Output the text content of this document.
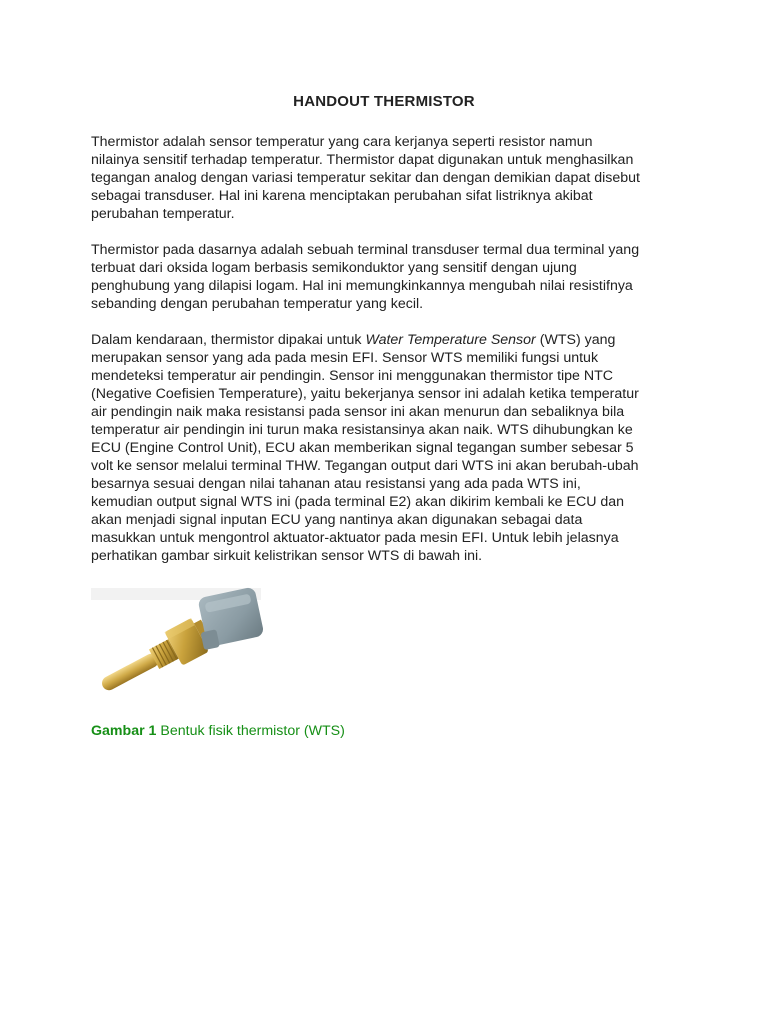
HANDOUT THERMISTOR

Thermistor adalah sensor temperatur yang cara kerjanya seperti resistor namun
nilainya sensitif terhadap temperatur. Thermistor dapat digunakan untuk menghasilkan
tegangan analog dengan variasi temperatur sekitar dan dengan demikian dapat disebut
sebagai transduser. Hal ini karena menciptakan perubahan sifat listriknya akibat
perubahan temperatur.

Thermistor pada dasarnya adalah sebuah terminal transduser termal dua terminal yang
terbuat dari oksida logam berbasis semikonduktor yang sensitif dengan ujung
penghubung yang dilapisi logam. Hal ini memungkinkannya mengubah nilai resistifnya
sebanding dengan perubahan temperatur yang kecil.

Dalam kendaraan, thermistor dipakai untuk Water Temperature Sensor (WTS) yang
merupakan sensor yang ada pada mesin EFI. Sensor WTS memiliki fungsi untuk
mendeteksi temperatur air pendingin. Sensor ini menggunakan thermistor tipe NTC
(Negative Coefisien Temperature), yaitu bekerjanya sensor ini adalah ketika temperatur
air pendingin naik maka resistansi pada sensor ini akan menurun dan sebaliknya bila
temperatur air pendingin ini turun maka resistansinya akan naik. WTS dihubungkan ke
ECU (Engine Control Unit), ECU akan memberikan signal tegangan sumber sebesar 5
volt ke sensor melalui terminal THW. Tegangan output dari WTS ini akan berubah-ubah
besarnya sesuai dengan nilai tahanan atau resistansi yang ada pada WTS ini,
kemudian output signal WTS ini (pada terminal E2) akan dikirim kembali ke ECU dan
akan menjadi signal inputan ECU yang nantinya akan digunakan sebagai data
masukkan untuk mengontrol aktuator-aktuator pada mesin EFI. Untuk lebih jelasnya
perhatikan gambar sirkuit kelistrikan sensor WTS di bawah ini.

Gambar 1 Bentuk fisik thermistor (WTS)
